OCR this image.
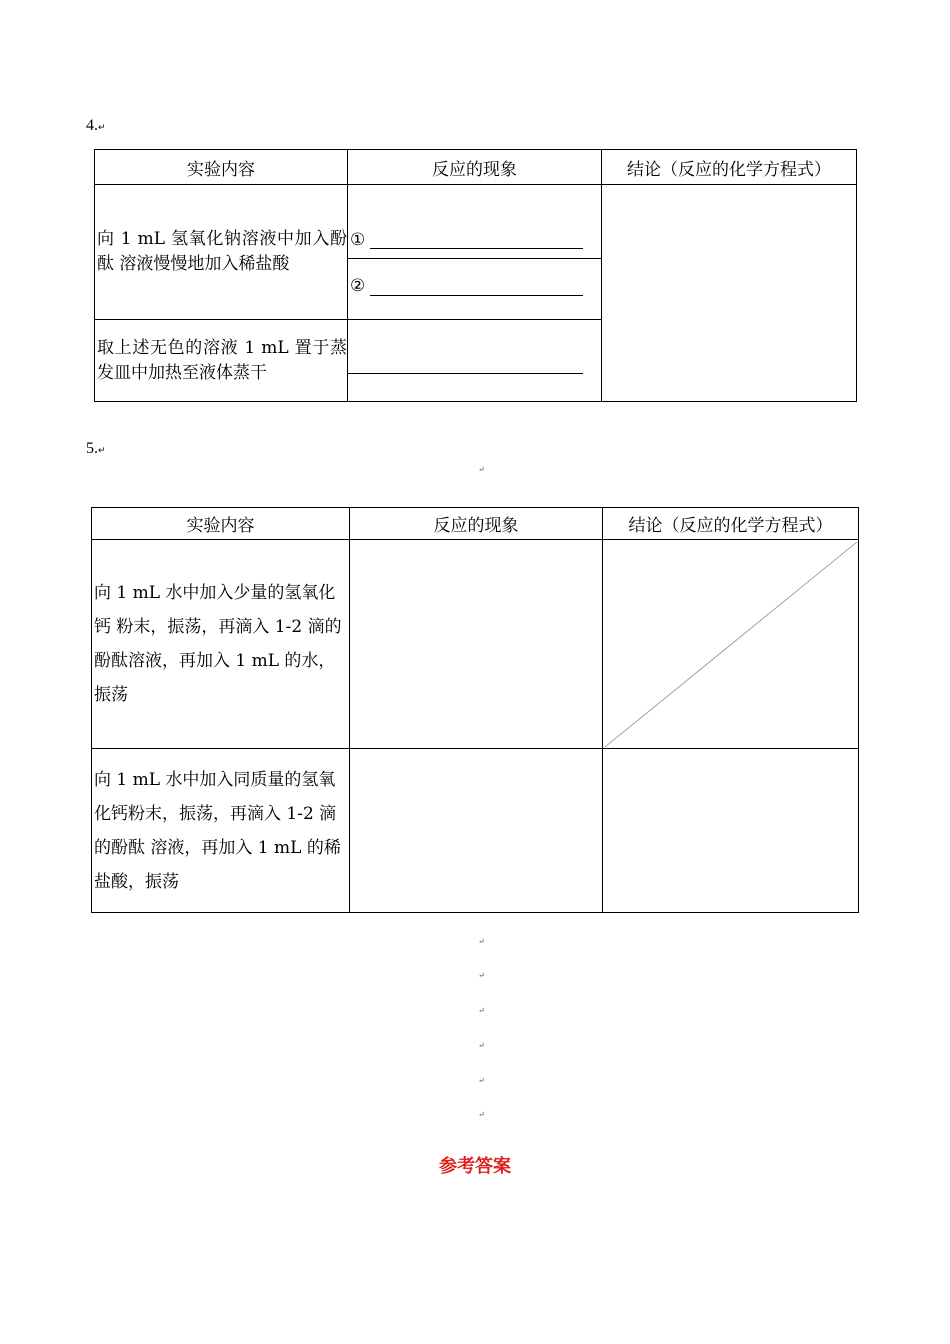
4.↵
实验内容	反应的现象	结论（反应的化学方程式）

向 1 mL 氢氧化钠溶液中加入酚酞 溶液慢慢地加入稀盐酸	①
②	

取上述无色的溶液 1 mL 置于蒸发皿中加热至液体蒸干		

5.↵
↵
实验内容	反应的现象	结论（反应的化学方程式）

向 1 mL 水中加入少量的氢氧化钙 粉末，振荡，再滴入 1-2 滴的酚酞溶液，再加入 1 mL 的水，振荡

向 1 mL 水中加入同质量的氢氧化钙粉末，振荡，再滴入 1-2 滴的酚酞 溶液，再加入 1 mL 的稀盐酸，振荡		

↵
↵
↵
↵
↵
↵
参考答案
